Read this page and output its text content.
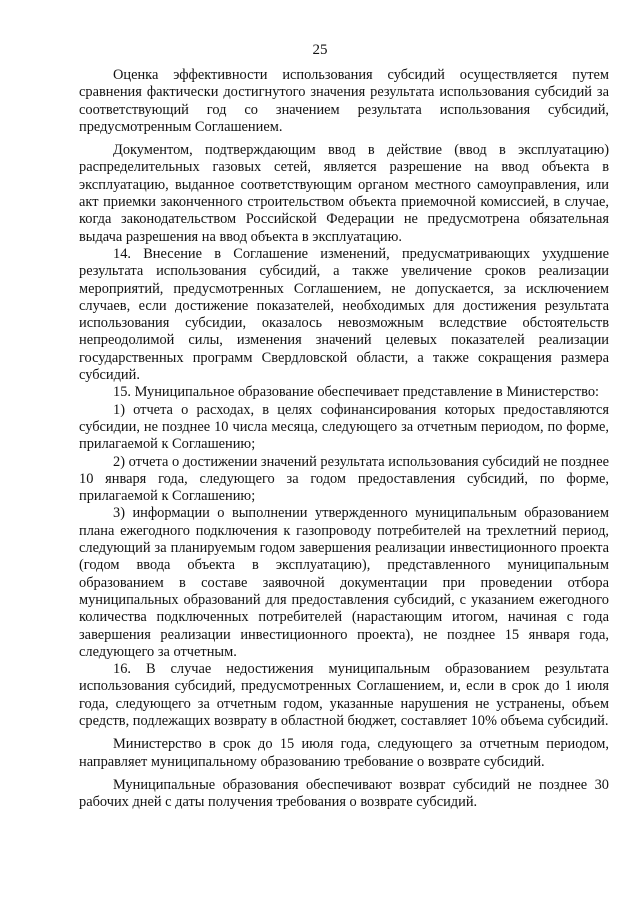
25

Оценка эффективности использования субсидий осуществляется путем сравнения фактически достигнутого значения результата использования субсидий за соответствующий год со значением результата использования субсидий, предусмотренным Соглашением.

Документом, подтверждающим ввод в действие (ввод в эксплуатацию) распределительных газовых сетей, является разрешение на ввод объекта в эксплуатацию, выданное соответствующим органом местного самоуправления, или акт приемки законченного строительством объекта приемочной комиссией, в случае, когда законодательством Российской Федерации не предусмотрена обязательная выдача разрешения на ввод объекта в эксплуатацию.

14. Внесение в Соглашение изменений, предусматривающих ухудшение результата использования субсидий, а также увеличение сроков реализации мероприятий, предусмотренных Соглашением, не допускается, за исключением случаев, если достижение показателей, необходимых для достижения результата использования субсидии, оказалось невозможным вследствие обстоятельств непреодолимой силы, изменения значений целевых показателей реализации государственных программ Свердловской области, а также сокращения размера субсидий.

15. Муниципальное образование обеспечивает представление в Министерство:

1) отчета о расходах, в целях софинансирования которых предоставляются субсидии, не позднее 10 числа месяца, следующего за отчетным периодом, по форме, прилагаемой к Соглашению;

2) отчета о достижении значений результата использования субсидий не позднее 10 января года, следующего за годом предоставления субсидий, по форме, прилагаемой к Соглашению;

3) информации о выполнении утвержденного муниципальным образованием плана ежегодного подключения к газопроводу потребителей на трехлетний период, следующий за планируемым годом завершения реализации инвестиционного проекта (годом ввода объекта в эксплуатацию), представленного муниципальным образованием в составе заявочной документации при проведении отбора муниципальных образований для предоставления субсидий, с указанием ежегодного количества подключенных потребителей (нарастающим итогом, начиная с года завершения реализации инвестиционного проекта), не позднее 15 января года, следующего за отчетным.

16. В случае недостижения муниципальным образованием результата использования субсидий, предусмотренных Соглашением, и, если в срок до 1 июля года, следующего за отчетным годом, указанные нарушения не устранены, объем средств, подлежащих возврату в областной бюджет, составляет 10% объема субсидий.

Министерство в срок до 15 июля года, следующего за отчетным периодом, направляет муниципальному образованию требование о возврате субсидий.

Муниципальные образования обеспечивают возврат субсидий не позднее 30 рабочих дней с даты получения требования о возврате субсидий.
